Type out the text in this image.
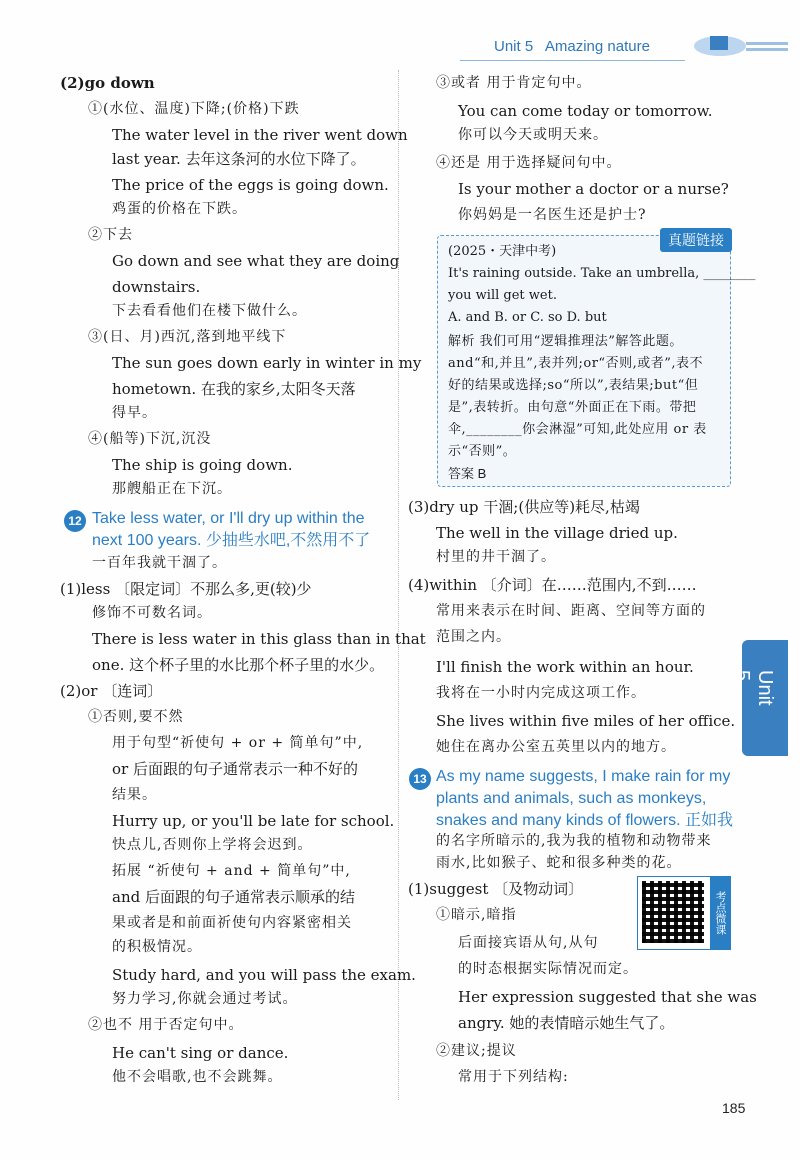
Unit 5 Amazing nature
12
13
真题链接
(2025・天津中考)
It's raining outside. Take an umbrella, ________
you will get wet.
A. and B. or C. so D. but
解析 我们可用“逻辑推理法”解答此题。
and“和,并且”,表并列;or“否则,或者”,表不
好的结果或选择;so“所以”,表结果;but“但
是”,表转折。由句意“外面正在下雨。带把
伞,________你会淋湿”可知,此处应用 or 表
示“否则”。
答案 B
Unit 5
考点微课
185
(2)go down
①(水位、温度)下降;(价格)下跌
The water level in the river went down
last year. 去年这条河的水位下降了。
The price of the eggs is going down.
鸡蛋的价格在下跌。
②下去
Go down and see what they are doing
downstairs.
下去看看他们在楼下做什么。
③(日、月)西沉,落到地平线下
The sun goes down early in winter in my
hometown. 在我的家乡,太阳冬天落
得早。
④(船等)下沉,沉没
The ship is going down.
那艘船正在下沉。
Take less water, or I'll dry up within the
next 100 years. 少抽些水吧,不然用不了
一百年我就干涸了。
(1)less 〔限定词〕不那么多,更(较)少
修饰不可数名词。
There is less water in this glass than in that
one. 这个杯子里的水比那个杯子里的水少。
(2)or 〔连词〕
①否则,要不然
用于句型“祈使句 + or + 简单句”中,
or 后面跟的句子通常表示一种不好的
结果。
Hurry up, or you'll be late for school.
快点儿,否则你上学将会迟到。
拓展 “祈使句 + and + 简单句”中,
and 后面跟的句子通常表示顺承的结
果或者是和前面祈使句内容紧密相关
的积极情况。
Study hard, and you will pass the exam.
努力学习,你就会通过考试。
②也不 用于否定句中。
He can't sing or dance.
他不会唱歌,也不会跳舞。
③或者 用于肯定句中。
You can come today or tomorrow.
你可以今天或明天来。
④还是 用于选择疑问句中。
Is your mother a doctor or a nurse?
你妈妈是一名医生还是护士?
(3)dry up 干涸;(供应等)耗尽,枯竭
The well in the village dried up.
村里的井干涸了。
(4)within 〔介词〕在……范围内,不到……
常用来表示在时间、距离、空间等方面的
范围之内。
I'll finish the work within an hour.
我将在一小时内完成这项工作。
She lives within five miles of her office.
她住在离办公室五英里以内的地方。
As my name suggests, I make rain for my
plants and animals, such as monkeys,
snakes and many kinds of flowers. 正如我
的名字所暗示的,我为我的植物和动物带来
雨水,比如猴子、蛇和很多种类的花。
(1)suggest 〔及物动词〕
①暗示,暗指
后面接宾语从句,从句
的时态根据实际情况而定。
Her expression suggested that she was
angry. 她的表情暗示她生气了。
②建议;提议
常用于下列结构:
